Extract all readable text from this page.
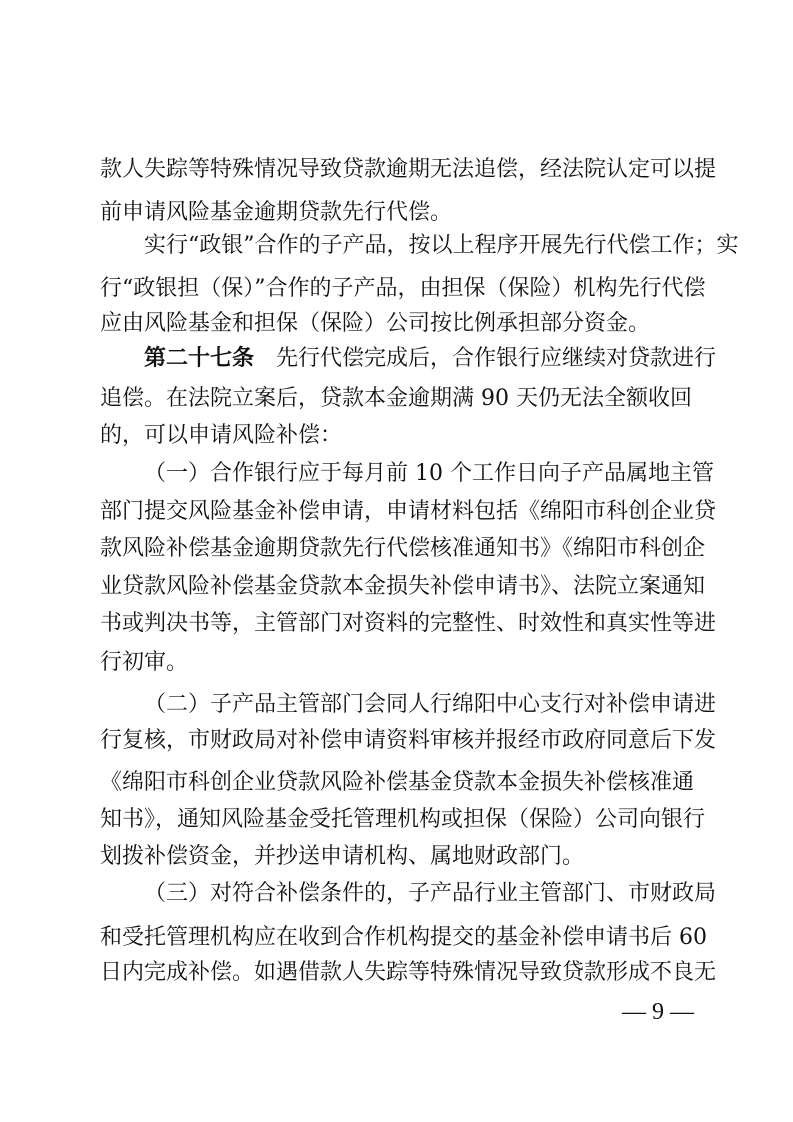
款人失踪等特殊情况导致贷款逾期无法追偿，经法院认定可以提
前申请风险基金逾期贷款先行代偿。
实行“政银”合作的子产品，按以上程序开展先行代偿工作；实
行“政银担（保）”合作的子产品，由担保（保险）机构先行代偿
应由风险基金和担保（保险）公司按比例承担部分资金。
第二十七条　先行代偿完成后，合作银行应继续对贷款进行
追偿。在法院立案后，贷款本金逾期满 90 天仍无法全额收回
的，可以申请风险补偿：
（一）合作银行应于每月前 10 个工作日向子产品属地主管
部门提交风险基金补偿申请，申请材料包括《绵阳市科创企业贷
款风险补偿基金逾期贷款先行代偿核准通知书》《绵阳市科创企
业贷款风险补偿基金贷款本金损失补偿申请书》、法院立案通知
书或判决书等，主管部门对资料的完整性、时效性和真实性等进
行初审。
（二）子产品主管部门会同人行绵阳中心支行对补偿申请进
行复核，市财政局对补偿申请资料审核并报经市政府同意后下发
《绵阳市科创企业贷款风险补偿基金贷款本金损失补偿核准通
知书》，通知风险基金受托管理机构或担保（保险）公司向银行
划拨补偿资金，并抄送申请机构、属地财政部门。
（三）对符合补偿条件的，子产品行业主管部门、市财政局
和受托管理机构应在收到合作机构提交的基金补偿申请书后 60
日内完成补偿。如遇借款人失踪等特殊情况导致贷款形成不良无
— 9 —
